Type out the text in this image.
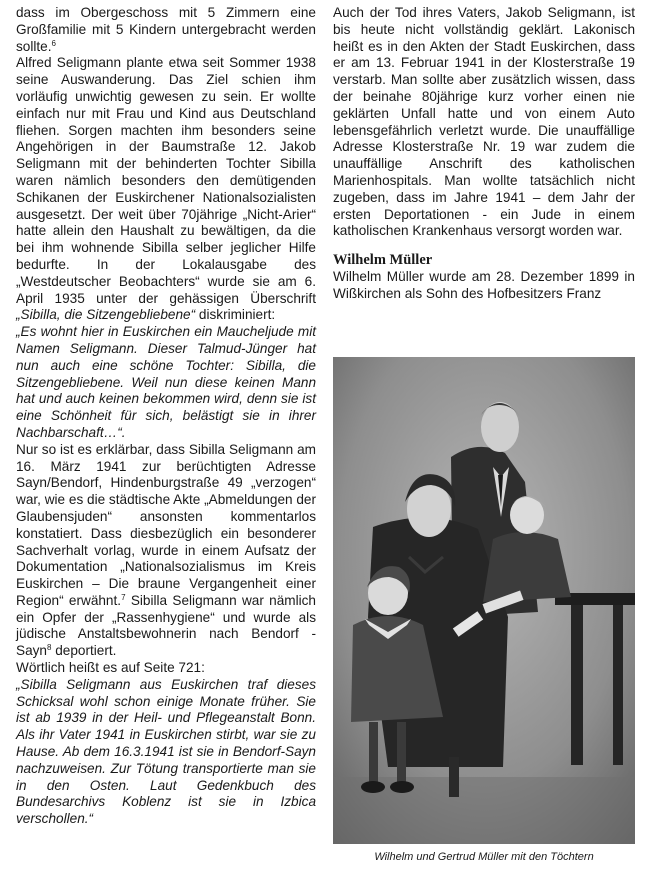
dass im Obergeschoss mit 5 Zimmern eine Großfamilie mit 5 Kindern untergebracht werden sollte.$^6$

Alfred Seligmann plante etwa seit Sommer 1938 seine Auswanderung. Das Ziel schien ihm vorläufig unwichtig gewesen zu sein. Er wollte einfach nur mit Frau und Kind aus Deutschland fliehen. Sorgen machten ihm besonders seine Angehörigen in der Baumstraße 12. Jakob Seligmann mit der behinderten Tochter Sibilla waren nämlich besonders den demütigenden Schikanen der Euskirchener Nationalsozialisten ausgesetzt. Der weit über 70jährige „Nicht-Arier“ hatte allein den Haushalt zu bewältigen, da die bei ihm wohnende Sibilla selber jeglicher Hilfe bedurfte. In der Lokalausgabe des „Westdeutscher Beobachters“ wurde sie am 6. April 1935 unter der gehässigen Überschrift „Sibilla, die Sitzengebliebene“ diskriminiert:

„Es wohnt hier in Euskirchen ein Maucheljude mit Namen Seligmann. Dieser Talmud-Jünger hat nun auch eine schöne Tochter: Sibilla, die Sitzengebliebene. Weil nun diese keinen Mann hat und auch keinen bekommen wird, denn sie ist eine Schönheit für sich, belästigt sie in ihrer Nachbarschaft…“.

Nur so ist es erklärbar, dass Sibilla Seligmann am 16. März 1941 zur berüchtigten Adresse Sayn/Bendorf, Hindenburgstraße 49 „verzogen“ war, wie es die städtische Akte „Abmeldungen der Glaubensjuden“ ansonsten kommentarlos konstatiert. Dass diesbezüglich ein besonderer Sachverhalt vorlag, wurde in einem Aufsatz der Dokumentation „Nationalsozialismus im Kreis Euskirchen – Die braune Vergangenheit einer Region“ erwähnt.$^7$ Sibilla Seligmann war nämlich ein Opfer der „Rassenhygiene“ und wurde als jüdische Anstaltsbewohnerin nach Bendorf - Sayn$^8$ deportiert.

Wörtlich heißt es auf Seite 721:

„Sibilla Seligmann aus Euskirchen traf dieses Schicksal wohl schon einige Monate früher. Sie ist ab 1939 in der Heil- und Pflegeanstalt Bonn. Als ihr Vater 1941 in Euskirchen stirbt, war sie zu Hause. Ab dem 16.3.1941 ist sie in Bendorf-Sayn nachzuweisen. Zur Tötung transportierte man sie in den Osten. Laut Gedenkbuch des Bundesarchivs Koblenz ist sie in Izbica verschollen.“

Auch der Tod ihres Vaters, Jakob Seligmann, ist bis heute nicht vollständig geklärt. Lakonisch heißt es in den Akten der Stadt Euskirchen, dass er am 13. Februar 1941 in der Klosterstraße 19 verstarb. Man sollte aber zusätzlich wissen, dass der beinahe 80jährige kurz vorher einen nie geklärten Unfall hatte und von einem Auto lebensgefährlich verletzt wurde. Die unauffällige Adresse Klosterstraße Nr. 19 war zudem die unauffällige Anschrift des katholischen Marienhospitals. Man wollte tatsächlich nicht zugeben, dass im Jahre 1941 – dem Jahr der ersten Deportationen - ein Jude in einem katholischen Krankenhaus versorgt worden war.

Wilhelm Müller

Wilhelm Müller wurde am 28. Dezember 1899 in Wißkirchen als Sohn des Hofbesitzers Franz

Wilhelm und Gertrud Müller mit den Töchtern
